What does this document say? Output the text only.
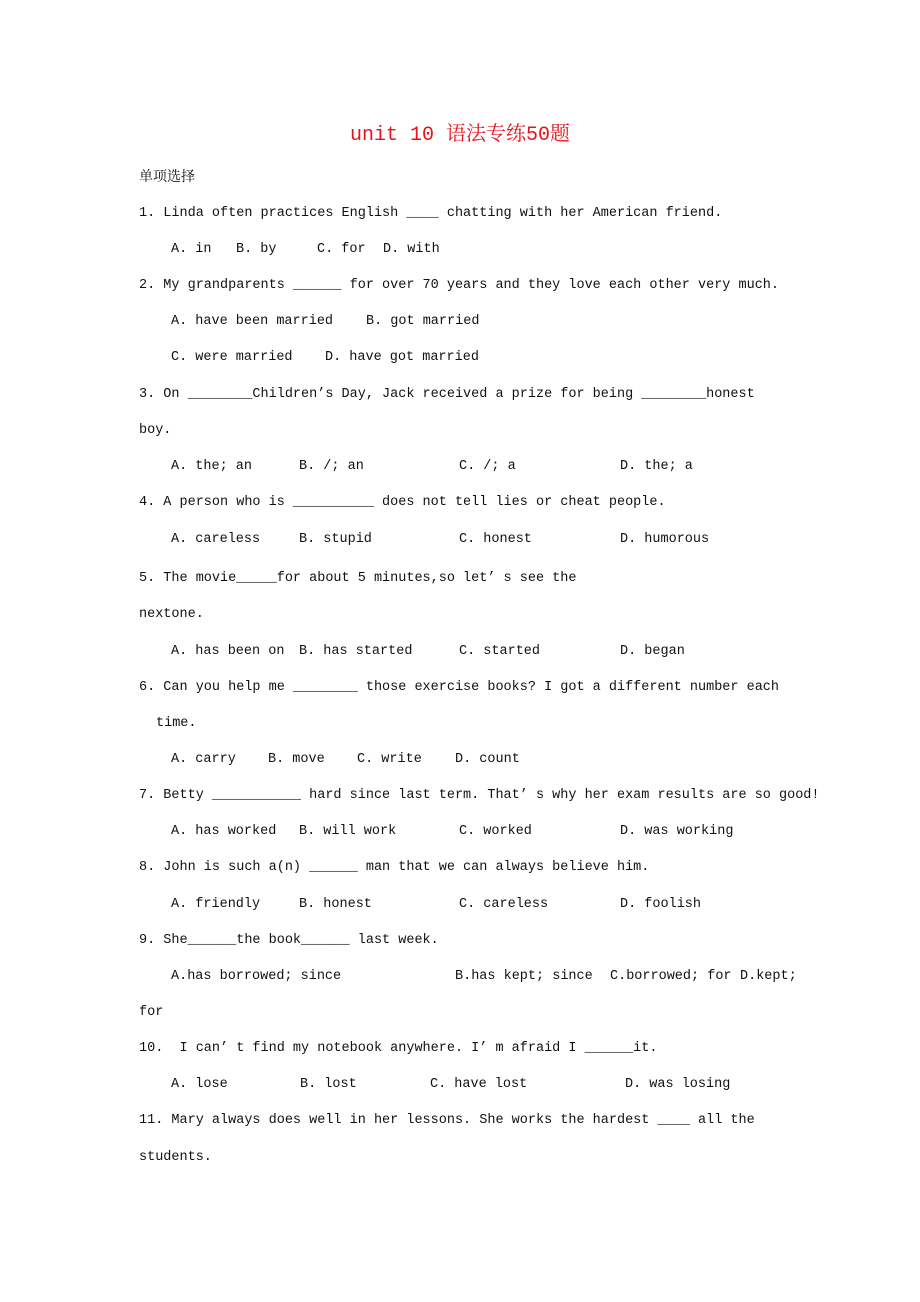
unit 10 语法专练50题
单项选择
1. Linda often practices English ____ chatting with her American friend.
A. in B. by	C. for D. with
2. My grandparents ______ for over 70 years and they love each other very much.
A. have been married B. got married
C. were married D. have got married
3. On ________Children’s Day, Jack received a prize for being ________honest
boy.
A. the; an	B. /; an	C. /; a	D. the; a
4. A person who is __________ does not tell lies or cheat people.
A. careless	B. stupid	C. honest	D. humorous
5. The movie_____for about 5 minutes,so let’ s see the
nextone.
A. has been on B. has started	C. started	D. began
6. Can you help me ________ those exercise books? I got a different number each
time.
A. carry B. move C. write D. count
7. Betty ___________ hard since last term. That’ s why her exam results are so good!
A. has worked B. will work	C. worked	D. was working
8. John is such a(n) ______ man that we can always believe him.
A. friendly	B. honest	C. careless	D. foolish
9. She______the book______ last week.
A.has borrowed; since	B.has kept; since C.borrowed; for D.kept;
for
10.  I can’ t find my notebook anywhere. I’ m afraid I ______it.
A. lose	B. lost	C. have lost	D. was losing
11. Mary always does well in her lessons. She works the hardest ____ all the
students.
